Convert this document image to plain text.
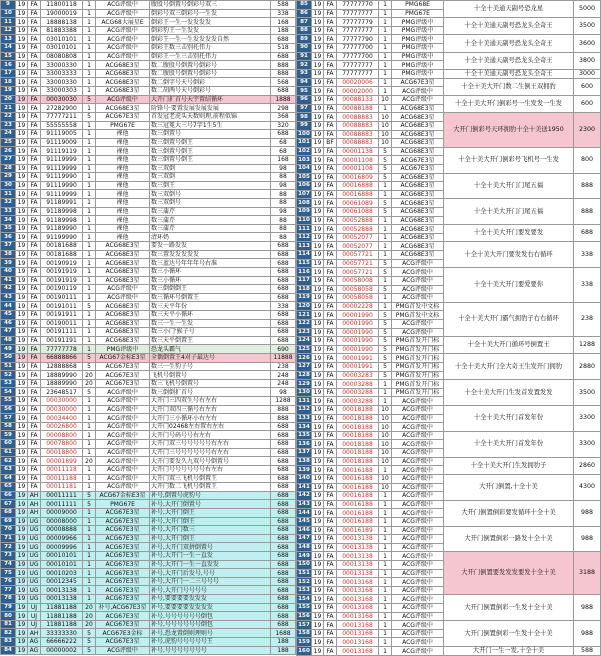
9	19	FA	11800118	1	ACG评级中	腹股号倒置号倒彩号双三	588
10	19	FA	19000019	1	ACG评级中	倒彩号双三倒彩号一生发	338
11	19	FA	18888138	1	ACG68大展星E	倒彩王一生一发发发发	168
12	19	FA	81883388	1	ACG评级中	倒彩豹王一生发发	188
13	19	FA	03010101	1	ACG评级中	倒彩王一生一生发发发发自然	688
14	19	FA	03010101	1	ACG评级中	倒彩王数三击别托伟力	518
15	19	FA	08080808	1	ACG评级中	倒彩王一生三击别托伟力	688
16	19	FA	33000330	1	ACG68E3星	数二腹股号倒置号倒彩号	888
17	19	FA	33003333	1	ACG68E3星	数二腹股号倒置号倒彩号	888
18	19	FA	33000330	1	ACG68E3星	数二倒字号天号倒彩	568
19	19	FA	33000303	1	ACG68E3星	数二胡两号天号倒彩号	688
20	19	FA	00030030	5	ACG评级中	大开门扩首号天宇置结循环	1888
21	19	FA	27282900	1	ACG68E3星	阶锋号·要置发展发展发展	298
22	19	FA	77777211	5	ACG67E3星	首发冠老虎头天数则理,前程似锦	368
23	19	FA	55555558	1	PMG67E	数三冠冕大三号7字1生5生	320
24	19	FA	91119005	1	裸他	数三倒置号	688
25	19	FA	91119009	1	裸他	数三倒置号倒王	68
26	19	FA	91119119	1	裸他	数三倒置号倒王	68
27	19	FA	91119999	1	裸他	数三倒置号倒王	168
28	19	FA	91119999	1	裸他	数三双倒	98
29	19	FA	91119990	1	裸他	数三双倒	88
30	19	FA	91119990	1	裸他	数三倒王	98
31	19	FA	91119999	1	裸他	数三双倒号	88
32	19	FA	91189991	1	裸他	数三双倒号	88
33	19	FA	91189998	1	裸他	数三蒲芹	98
34	19	FA	91189998	1	裸他	数三蒲芹	88
35	19	FA	91189990	1	裸他	数三蒲芹	88
36	19	FA	91199990	1	裸他	清环奶	88
37	19	FA	00181688	1	ACG68E3星	要发一路发发	688
38	19	FA	00181688	1	ACG68E3星	数三置发发发发发	688
39	19	FA	00190919	1	ACG68E3星	数三蓝达号年年年号右准	688
40	19	FA	00191919	1	ACG68E3星	数三小循环	688
41	19	FA	00191919	1	ACG68E3星	数三小循环	688
42	19	FA	00190119	1	ACG评级中	数三倒倒倒王	688
43	19	FA	00190111	1	ACG评级中	数三循环号倒置王	688
44	19	FA	00191011	5	ACG68E3星	数三天平年份	338
45	19	FA	00191911	1	ACG68E3星	数三天平小循环	688
46	19	FA	00190011	1	ACG68E3星	数三一生一生发	688
47	19	FA	00191111	1	ACG68E3星	数三小门'猴子号	688
48	19	FA	00191191	1	ACG68E3星	数三天平倒置王	688
49	19	FA	77777778	1	PMG评级中	恐龙头霸气	690
50	19	FA	66888866	5	ACG67金标E3星	全偶倒置王4对子最达号	11888
51	19	FA	12888868	5	ACG67E3星	数三一生豹子号	238
52	19	FA	18889990	20	ACG67E3星	飞机号倒置号	248
53	19	FA	18889990	20	ACG67E3星	数三飞机号倒置号	248
54	19	FA	23648517	5	ACG评级中	数三倒倒扩首号	98
55	19	FA	00030000	1	ACG评级中	大开门三四双生号右左右	1288
56	19	FA	00030000	1	ACG评级中	大开门双四三循号右左右	888
57	19	FA	00034400	1	ACG评级中	大开门三小循环小右左右	888
58	19	FA	00026800	1	ACG评级中	大开门02468左右置右左右	688
59	19	FA	00008800	1	ACG评级中	大开门号码号号右左右	688
60	19	FA	00078800	1	ACG评级中	大开门双三号号号号号右左右	688
61	19	FA	00018800	1	ACG评级中	大开门三号号号号号号右左右	688
62	19	FA	00001899	20	ACG评级中	大开门要发久九双号号倒置号	688
63	19	FA	00011118	1	ACG评级中	大开门号号号号号号右左右	688
64	19	FA	00011188	1	ACG评级中	大开门双三飞机号倒置王	688
65	19	FA	00011181	1	ACG评级中	大开门数二飞机号倒置王	688
66	19	AH	00011111	5	ACG67金标E3星	补号,倒置号虎豹号	688
67	19	AH	00011111	5	PMG67E	补号,大开门倒置号	688
68	19	AH	00009000	1	ACG67E3星	补号,大开门倒王	688
69	19	UG	00008000	1	ACG67E3星	补号,大开门倒王	688
70	19	UG	00008888	1	ACG67E3星	补号,大开门数三	688
71	19	UG	00009966	1	ACG67E3星	补号,大开门倒王	688
72	19	UG	00009996	1	ACG67E3星	补号,大开门双拼倒置号	688
73	19	UG	00010101	1	ACG67E3星	补号,大开门一生一直发	688
74	19	UG	00010101	1	ACG67E3星	补号,大开门一生一直发发	688
75	19	UG	00010203	1	ACG67E3星	补号,大开门后发号,号号	688
76	19	UG	00012345	1	ACG67E3星	补号,大开门一二三号号号	688
77	19	UG	00013138	1	ACG67E3星	补号,大开门号号号号	688
78	19	UG	00013138	1	ACG67E3星	补号,要要要要发发发	688
79	19	UJ	11881188	20	补号,ACG67E3星	补号,要要要要发发发发	688
80	19	UJ	11881188	20	ACG67E3星	补号,号号号号号号倒包	688
81	19	UJ	11881188	20	ACG67E3星	补号,号号号号号号倒包	688
82	19	AH	33333330	5	ACG67E3金标	补号,恐龙置倒则理则号	1688
83	19	AG	66666222	5	ACG67E3星	补号,虎豹号号号号号王	188
84	19	AG	00000002	5	ACG评级中	补号,号号号号号号号	188
85	19	FA	77777770	1	PMG68E	十全十美通天副号恐龙星	5000
86	19	FA	77777777	1	PMG67E		
87	19	FA	77777779	1	PMG评级中	十全十美通天副号恐龙头全奇王	3500
88	19	FA	77777777	1	PMG评级中		
89	19	FA	77777790	1	PMG评级中	十全十美通天副号恐龙头全奇王	3600
90	19	FA	77777700	1	PMG评级中		
91	19	FA	77777700	1	PMG评级中	十全十美通天副号恐龙头全奇王	3800
92	19	FA	77777777	1	PMG评级中		
93	19	FA	77777777	1	PMG评级中	十全十美通天副号恐龙头全奇王	3000
94	19	FA	00020006	1	ACG67E3星	十全十美大开门数二生倒王双拥豹	600
95	19	FA	00002000	1	ACG评级中		
96	19	FA	00088133	10	ACG评级中	十全十美大开门倒彩号一生发发一生发	600
97	19	FA	00088188	1	ACG68E3星		
98	19	FA	00088883	10	ACG68E3星	大开门倒彩号天环拥豹十全十美送1950	2300
99	19	FA	00088883	10	ACG68E3星		
100	19	FA	00088883	10	ACG68E3星		
101	19	BF	00088883	10	ACG68E3星		
102	19	FA	00001138	5	ACG68E3星	十全十美大开门倒彩号飞机号一生发	800
103	19	FA	00001108	5	ACG67E3星		
104	19	FA	00001108	5	ACG67E3星		
105	19	FA	00016809	5	ACG68E3星	十全十美大开门门尾五福	888
106	19	FA	00016888	1	ACG68E3星		
107	19	FA	00016888	1	ACG68E3星		
108	19	FA	00061089	5	ACG68E3星	十全十美大开门门尾五福	888
109	19	FA	00061088	5	ACG68E3星		
110	19	FA	00052888	1	ACG68E3星		
111	19	FA	00052888	1	ACG68E3星	十全十美大开门要发要发	688
112	19	FA	00052077	1	ACG68E3星		
113	19	FA	00052077	1	ACG68E3星	十全十美大开门要发发右右循环	338
114	19	FA	00057721	1	ACG68E3星		
115	19	FA	00057721	5	ACG评级中		
116	19	FA	00057721	5	ACG评级中	十全十美大开门要爱要你	338
117	19	FA	00058008	1	ACG评级中		
118	19	FA	00058058	5	ACG评级中		
119	19	FA	00058058	1	ACG评级中		
120	19	FA	00002228	1	PMG首发中文标	十全十美大开门霸气拥豹子右右循环	238
121	19	FA	00001990	5	PMG首发中文标		
122	19	FA	00001990	5	ACG评级中		
123	19	FA	00001990	5	ACG评级中		
124	19	FA	00001990	5	PMG首发开门标	十全十美大开门循环号倒置王	1288
125	19	FA	00001990	5	PMG首发开门标		
126	19	FA	00001991	5	PMG首发开门标	十全十美大开门全大奇王生发开门拥豹	2880
127	19	FA	00001991	5	PMG首发开门标		
128	19	FA	00003283	5	PMG首发开门标		
129	19	FA	00003288	1	PMG首发开门标	十全十美大开门生发首发置发发	3500
130	19	FA	00003288	1	PMG首发开门标		
131	19	FA	00003288	1	ACG评级中		
132	19	FA	00018188	10	ACG评级中	十全十美大开门首发年份	3300
133	19	FA	00018188	10	ACG评级中		
134	19	FA	00018188	10	ACG评级中		
135	19	FA	00018188	10	ACG评级中	十全十美大开门首发年份	3300
136	19	FA	00018188	10	ACG评级中		
137	19	FA	00018188	10	ACG评级中		
138	19	FA	00018188	10	ACG评级中	十全十美大开门生发拥豹子	2860
139	19	FA	00016188	1	ACG评级中		
140	19	FA	00016188	10	ACG评级中	大开门倒置,十全十美	4300
141	19	FA	00016188	10	ACG评级中		
142	19	FA	00016188	1	ACG评级中		
143	19	FA	00016188	1	ACG评级中	大开门倒置倒彩要发循环十全十美	988
144	19	FA	00016188	1	ACG评级中		
145	19	FA	00016188	1	ACG评级中		
146	19	FA	00016189	1	ACG评级中	大开门倒置倒彩一路发十全十美	988
147	19	FA	00013138	1	ACG评级中		
148	19	FA	00013138	1	ACG评级中		
149	19	FA	00013138	1	ACG评级中	大开门倒置要发发发要发十全十美	3188
150	19	FA	00013138	1	ACG评级中		
151	19	FA	00013138	1	ACG评级中		
152	19	FA	00013168	1	ACG评级中		
153	19	FA	00013168	1	ACG评级中		
154	19	FA	00013168	1	ACG评级中	大开门倒置倒彩一生发十全十美	988
155	19	FA	00013168	1	ACG评级中		
156	19	FA	00013168	1	ACG评级中		
157	19	FA	00013168	1	ACG评级中	大开门倒置倒彩一生发十全十美	988
158	19	FA	00013168	1	ACG评级中		
159	19	FA	00013168	1	ACG评级中		
160	19	FA	00013168	1	ACG评级中	大开门一生一发,十全十美	588
